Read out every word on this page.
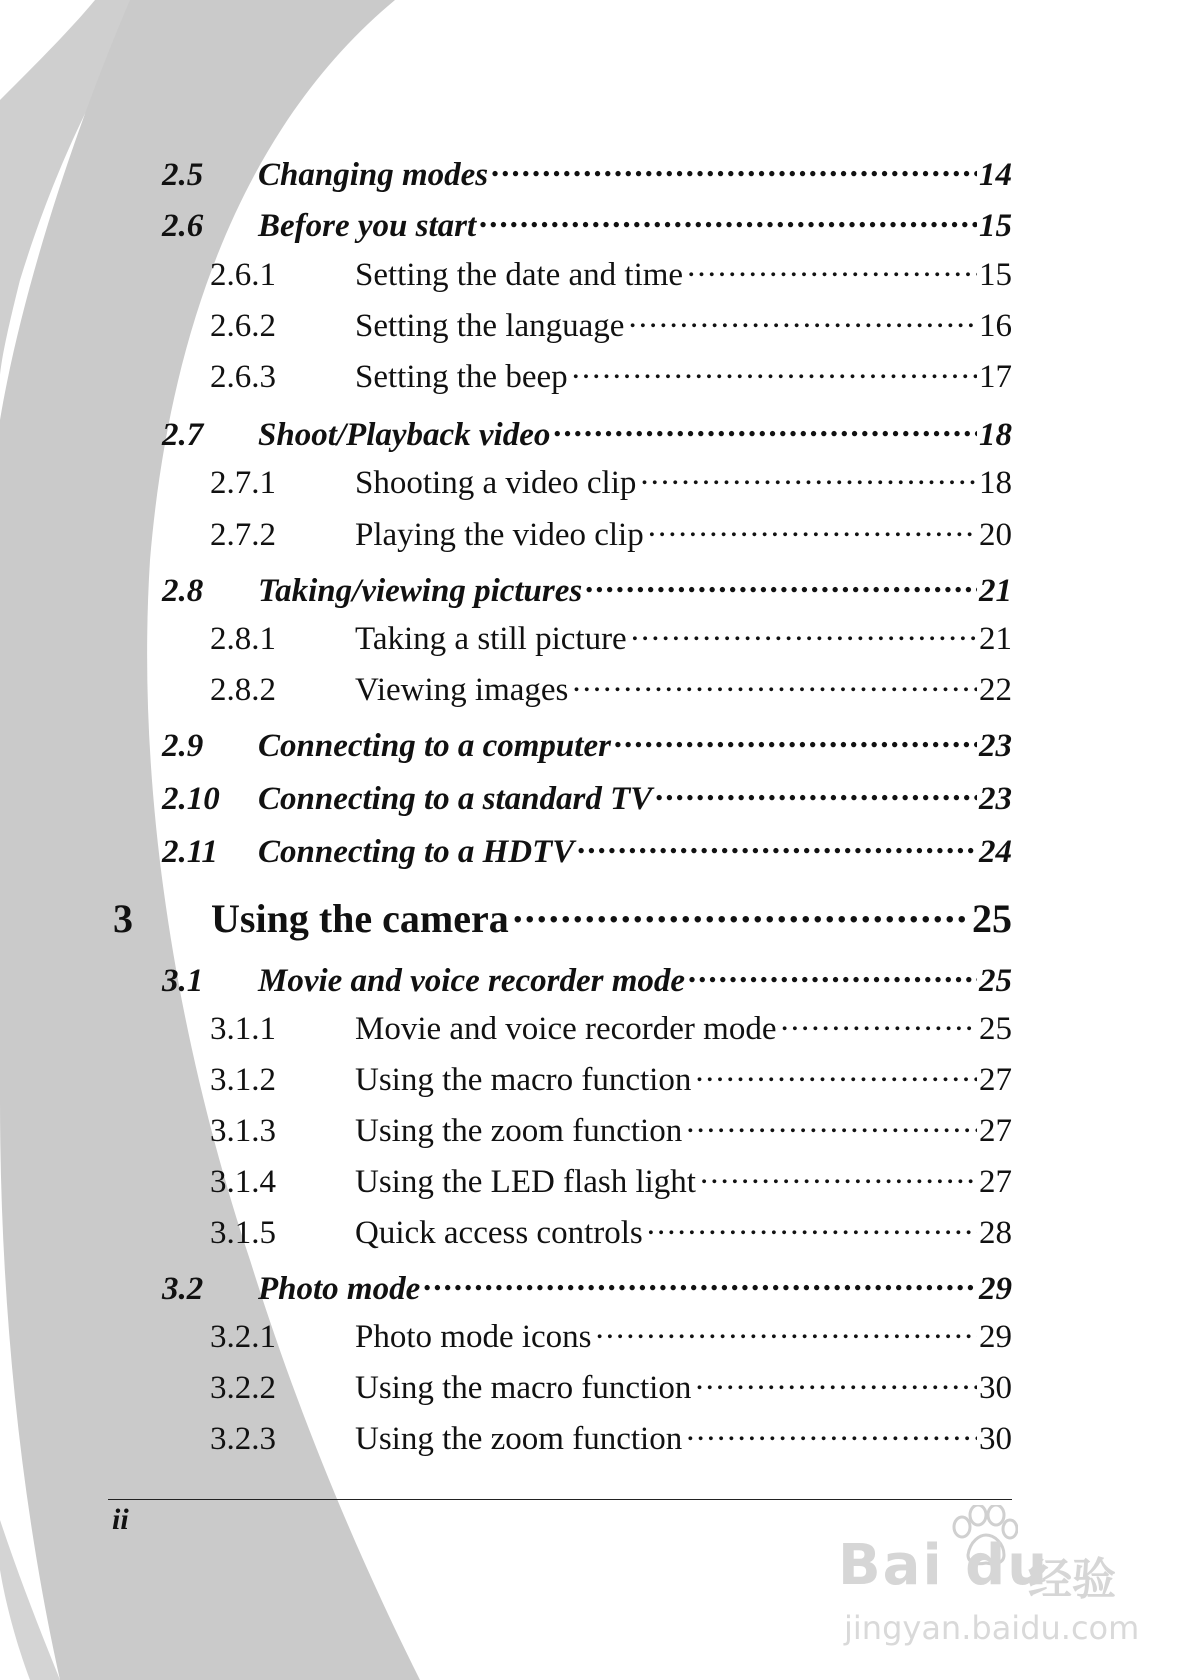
2.5	Changing modes .....	14
2.6	Before you start .....	15
2.6.1	Setting the date and time .....	15
2.6.2	Setting the language .....	16
2.6.3	Setting the beep .....	17
2.7	Shoot/Playback video .....	18
2.7.1	Shooting a video clip .....	18
2.7.2	Playing the video clip .....	20
2.8	Taking/viewing pictures .....	21
2.8.1	Taking a still picture .....	21
2.8.2	Viewing images .....	22
2.9	Connecting to a computer .....	23
2.10	Connecting to a standard TV .....	23
2.11	Connecting to a HDTV .....	24
3	Using the camera .....	25
3.1	Movie and voice recorder mode .....	25
3.1.1	Movie and voice recorder mode .....	25
3.1.2	Using the macro function .....	27
3.1.3	Using the zoom function .....	27
3.1.4	Using the LED flash light .....	27
3.1.5	Quick access controls .....	28
3.2	Photo mode .....	29
3.2.1	Photo mode icons .....	29
3.2.2	Using the macro function .....	30
3.2.3	Using the zoom function .....	30
ii
Bai du
经验
jingyan.baidu.com
